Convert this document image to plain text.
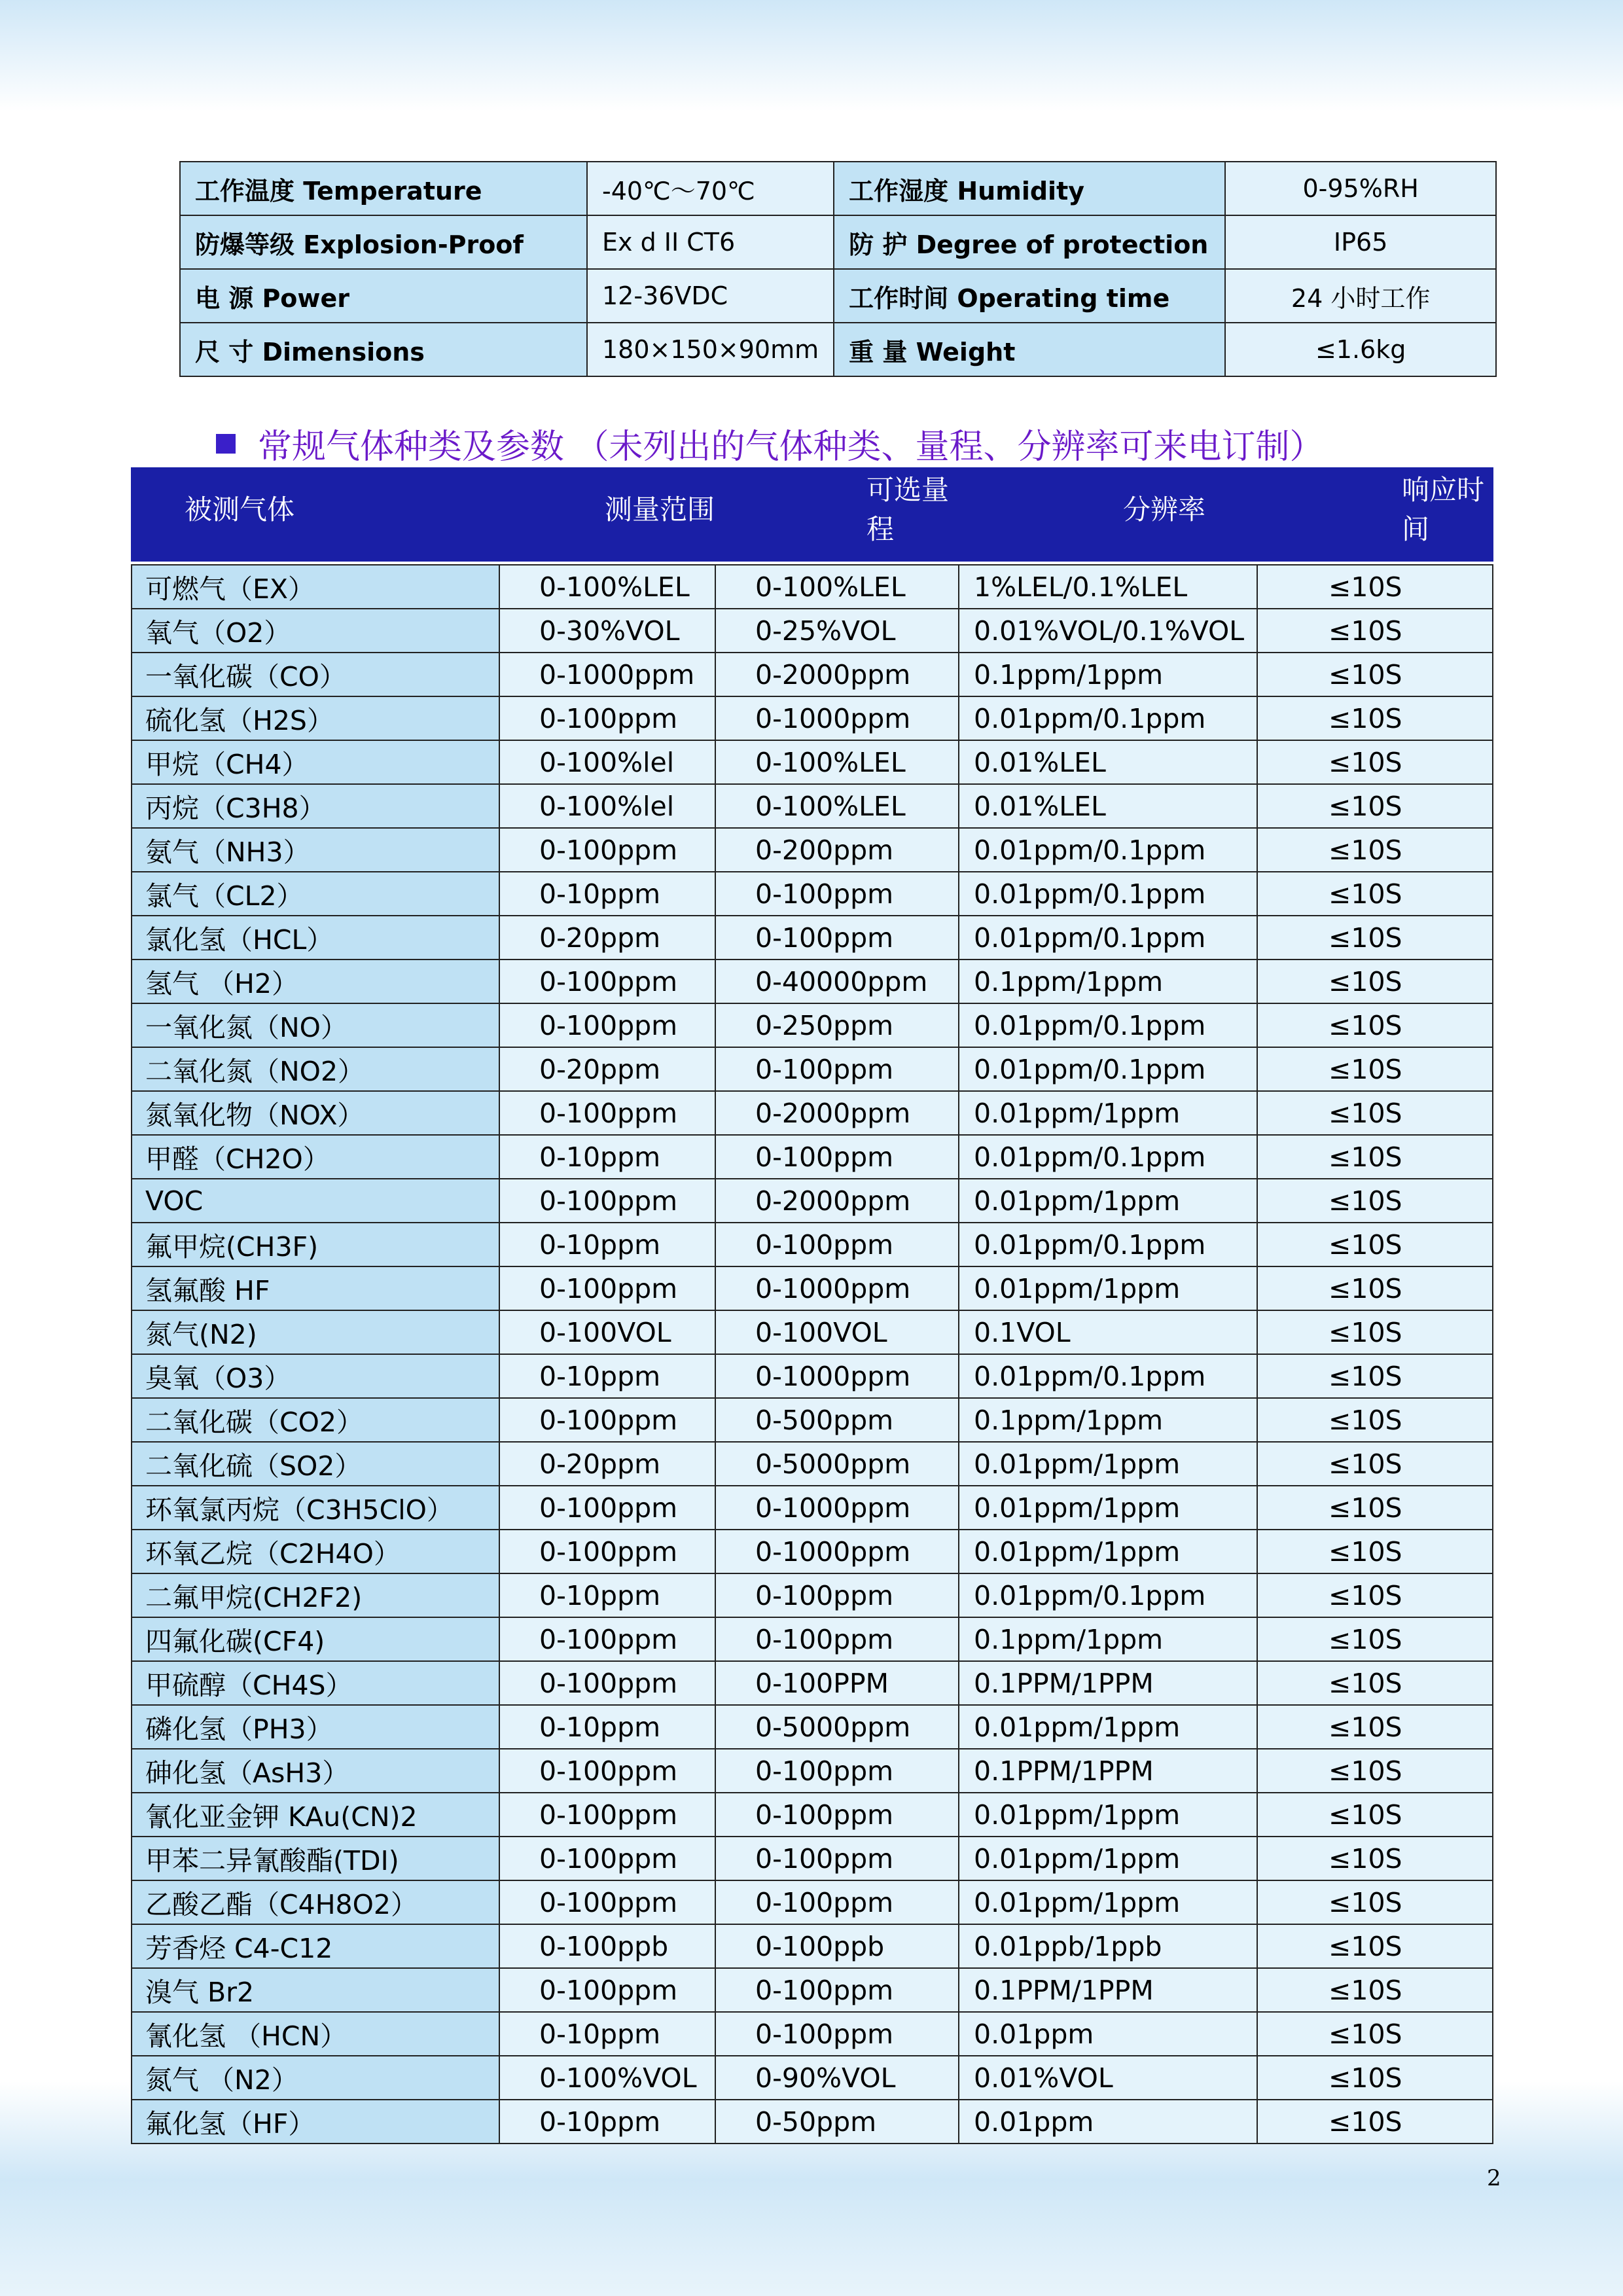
工作温度 Temperature	-40℃～70℃	工作湿度 Humidity	0-95%RH
防爆等级 Explosion-Proof	Ex d II CT6	防 护 Degree of protection	IP65
电 源 Power	12-36VDC	工作时间 Operating time	24 小时工作
尺 寸 Dimensions	180×150×90mm	重 量 Weight	≤1.6kg
常规气体种类及参数 （未列出的气体种类、量程、分辨率可来电订制）
被测气体	测量范围	可选量程	分辨率	响应时间

可燃气（EX）	0-100%LEL	0-100%LEL	1%LEL/0.1%LEL	≤10S
氧气（O2）	0-30%VOL	0-25%VOL	0.01%VOL/0.1%VOL	≤10S
一氧化碳（CO）	0-1000ppm	0-2000ppm	0.1ppm/1ppm	≤10S
硫化氢（H2S）	0-100ppm	0-1000ppm	0.01ppm/0.1ppm	≤10S
甲烷（CH4）	0-100%lel	0-100%LEL	0.01%LEL	≤10S
丙烷（C3H8）	0-100%lel	0-100%LEL	0.01%LEL	≤10S
氨气（NH3）	0-100ppm	0-200ppm	0.01ppm/0.1ppm	≤10S
氯气（CL2）	0-10ppm	0-100ppm	0.01ppm/0.1ppm	≤10S
氯化氢（HCL）	0-20ppm	0-100ppm	0.01ppm/0.1ppm	≤10S
氢气 （H2）	0-100ppm	0-40000ppm	0.1ppm/1ppm	≤10S
一氧化氮（NO）	0-100ppm	0-250ppm	0.01ppm/0.1ppm	≤10S
二氧化氮（NO2）	0-20ppm	0-100ppm	0.01ppm/0.1ppm	≤10S
氮氧化物（NOX）	0-100ppm	0-2000ppm	0.01ppm/1ppm	≤10S
甲醛（CH2O）	0-10ppm	0-100ppm	0.01ppm/0.1ppm	≤10S
VOC	0-100ppm	0-2000ppm	0.01ppm/1ppm	≤10S
氟甲烷(CH3F)	0-10ppm	0-100ppm	0.01ppm/0.1ppm	≤10S
氢氟酸 HF	0-100ppm	0-1000ppm	0.01ppm/1ppm	≤10S
氮气(N2)	0-100VOL	0-100VOL	0.1VOL	≤10S
臭氧（O3）	0-10ppm	0-1000ppm	0.01ppm/0.1ppm	≤10S
二氧化碳（CO2）	0-100ppm	0-500ppm	0.1ppm/1ppm	≤10S
二氧化硫（SO2）	0-20ppm	0-5000ppm	0.01ppm/1ppm	≤10S
环氧氯丙烷（C3H5ClO）	0-100ppm	0-1000ppm	0.01ppm/1ppm	≤10S
环氧乙烷（C2H4O）	0-100ppm	0-1000ppm	0.01ppm/1ppm	≤10S
二氟甲烷(CH2F2)	0-10ppm	0-100ppm	0.01ppm/0.1ppm	≤10S
四氟化碳(CF4)	0-100ppm	0-100ppm	0.1ppm/1ppm	≤10S
甲硫醇（CH4S）	0-100ppm	0-100PPM	0.1PPM/1PPM	≤10S
磷化氢（PH3）	0-10ppm	0-5000ppm	0.01ppm/1ppm	≤10S
砷化氢（AsH3）	0-100ppm	0-100ppm	0.1PPM/1PPM	≤10S
氰化亚金钾 KAu(CN)2	0-100ppm	0-100ppm	0.01ppm/1ppm	≤10S
甲苯二异氰酸酯(TDI)	0-100ppm	0-100ppm	0.01ppm/1ppm	≤10S
乙酸乙酯（C4H8O2）	0-100ppm	0-100ppm	0.01ppm/1ppm	≤10S
芳香烃 C4-C12	0-100ppb	0-100ppb	0.01ppb/1ppb	≤10S
溴气 Br2	0-100ppm	0-100ppm	0.1PPM/1PPM	≤10S
氰化氢 （HCN）	0-10ppm	0-100ppm	0.01ppm	≤10S
氮气 （N2）	0-100%VOL	0-90%VOL	0.01%VOL	≤10S
氟化氢（HF）	0-10ppm	0-50ppm	0.01ppm	≤10S
2
